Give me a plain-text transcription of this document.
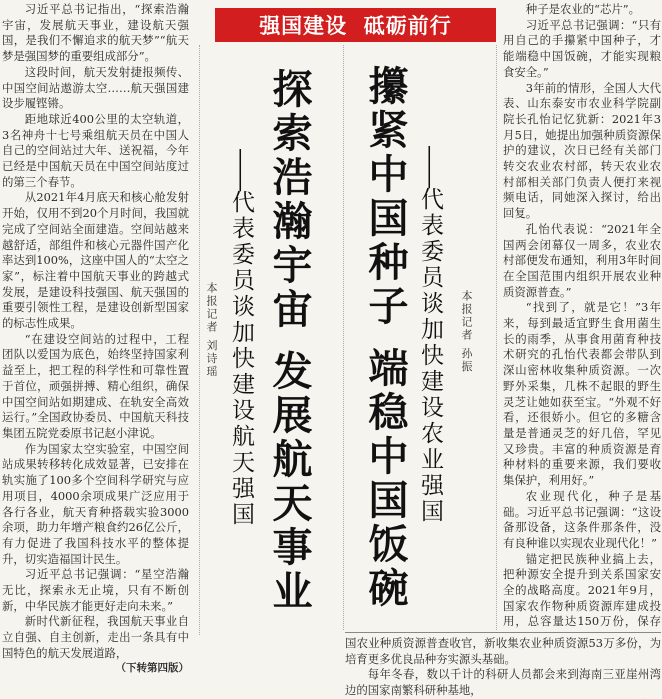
强国建设  砥砺前行
探索浩瀚宇宙 发展航天事业
——代表委员谈加快建设航天强国
本报记者 刘诗瑶	攥紧中国种子 端稳中国饭碗 ——代表委员谈加快建设农业强国 本报记者 孙振

习近平总书记指出，“探索浩瀚宇宙，发展航天事业，建设航天强国，是我们不懈追求的航天梦”“航天梦是强国梦的重要组成部分”。

这段时间，航天发射捷报频传、中国空间站遨游太空……航天强国建设步履铿锵。

距地球近400公里的太空轨道，3名神舟十七号乘组航天员在中国人自己的空间站过大年、送祝福，今年已经是中国航天员在中国空间站度过的第三个春节。

从2021年4月底天和核心舱发射开始，仅用不到20个月时间，我国就完成了空间站全面建造。空间站越来越舒适，部组件和核心元器件国产化率达到100%，这座中国人的“太空之家”，标注着中国航天事业的跨越式发展，是建设科技强国、航天强国的重要引领性工程，是建设创新型国家的标志性成果。

“在建设空间站的过程中，工程团队以爱国为底色，始终坚持国家利益至上，把工程的科学性和可靠性置于首位，顽强拼搏、精心组织，确保中国空间站如期建成、在轨安全高效运行。”全国政协委员、中国航天科技集团五院党委原书记赵小津说。

作为国家太空实验室，中国空间站成果转移转化成效显著，已安排在轨实施了100多个空间科学研究与应用项目，4000余项成果广泛应用于各行各业，航天育种搭载实验3000余项，助力年增产粮食约26亿公斤，有力促进了我国科技水平的整体提升，切实造福国计民生。

习近平总书记强调：“星空浩瀚无比，探索永无止境，只有不断创新，中华民族才能更好走向未来。”

新时代新征程，我国航天事业自立自强、自主创新，走出一条具有中国特色的航天发展道路，

（下转第四版）

种子是农业的“芯片”。

习近平总书记强调：“只有用自己的手攥紧中国种子，才能端稳中国饭碗，才能实现粮食安全。”

3年前的情形，全国人大代表、山东泰安市农业科学院副院长孔怡记忆犹新：2021年3月5日，她提出加强种质资源保护的建议，次日已经有关部门转交农业农村部，转天农业农村部相关部门负责人便打来视频电话，同她深入探讨，给出回复。

孔怡代表说：“2021年全国两会闭幕仅一周多，农业农村部便发布通知，利用3年时间在全国范围内组织开展农业种质资源普查。”

“找到了，就是它！”3年来，每到最适宜野生食用菌生长的雨季，从事食用菌育种技术研究的孔怡代表都会带队到深山密林收集种质资源。一次野外采集，几株不起眼的野生灵芝让她如获至宝。“外观不好看，还很娇小。但它的多糖含量是普通灵芝的好几倍，罕见又珍贵。丰富的种质资源是育种材料的重要来源，我们要收集保护，利用好。”

农业现代化，种子是基础。习近平总书记强调：“这设备那设备，这条件那条件，没有良种谁以实现农业现代化！”

锚定把民族种业搞上去，把种源安全提升到关系国家安全的战略高度。2021年9月，国家农作物种质资源库建成投用，总容量达150万份，保存

国农业种质资源普查收官，新收集农业种质资源53万多份，为培育更多优良品种夯实源头基础。

每年冬春，数以千计的科研人员都会来到海南三亚崖州湾边的国家南繁科研种基地，
